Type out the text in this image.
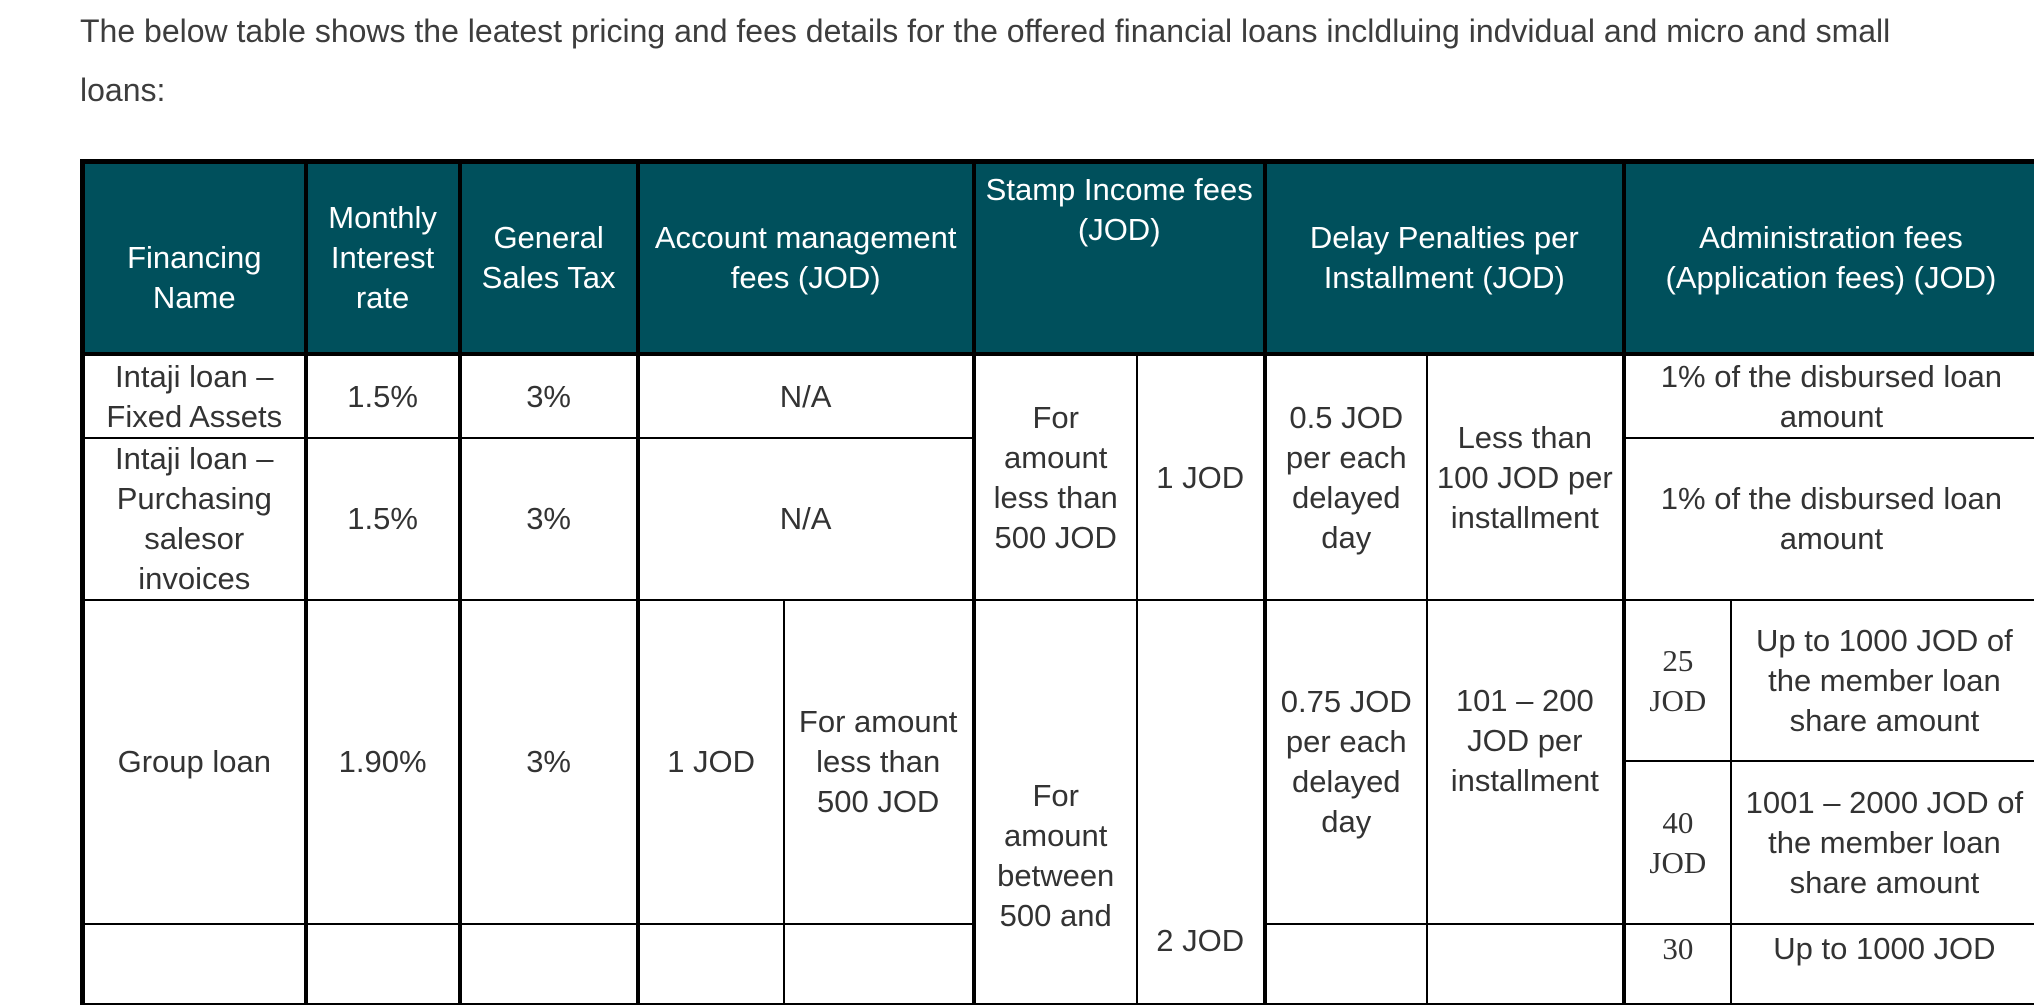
The below table shows the leatest pricing and fees details for the offered financial loans incldluing indvidual and micro and small loans:

Financing Name	Monthly Interest rate	General Sales Tax	Account management fees (JOD)		Stamp Income fees (JOD)		Delay Penalties per Installment (JOD)		Administration fees (Application fees) (JOD)	
Intaji loan – Fixed Assets	1.5%	3%	N/A		For amount less than 500 JOD	1 JOD	0.5 JOD per each delayed day	Less than 100 JOD per installment	1% of the disbursed loan amount	
Intaji loan – Purchasing salesor invoices	1.5%	3%	N/A						1% of the disbursed loan amount	
Group loan	1.90%	3%	1 JOD	For amount less than 500 JOD	For amount between 500 and	2 JOD	0.75 JOD per each delayed day	101 – 200 JOD per installment	25 JOD	Up to 1000 JOD of the member loan share amount
									40 JOD	1001 – 2000 JOD of the member loan share amount
									30	Up to 1000 JOD
